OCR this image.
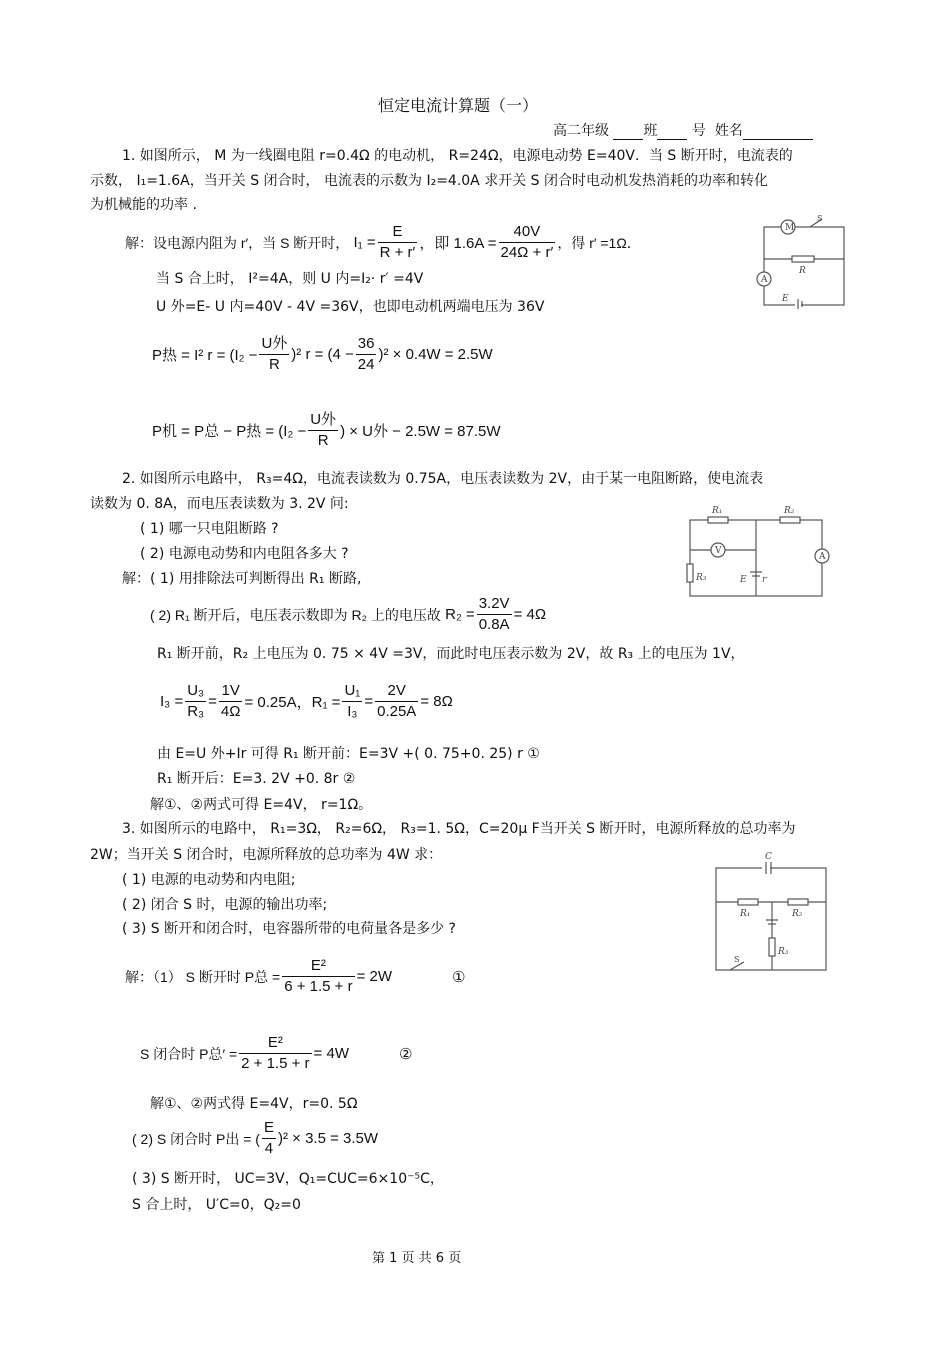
恒定电流计算题（一）
高二年级 班 号 姓名
1. 如图所示， M 为一线圈电阻 r=0.4Ω 的电动机， R=24Ω，电源电动势 E=40V．当 S 断开时，电流表的
示数， I₁=1.6A，当开关 S 闭合时， 电流表的示数为 I₂=4.0A 求开关 S 闭合时电动机发热消耗的功率和转化
为机械能的功率 .
解：设电源内阻为 r′，当 S 断开时，
$I_1 = \frac{E}{R + r'}$ ，即 $1.6A = \frac{40V}{24\Omega + r'}$ ，得 r′ =1Ω．
当 S 合上时， I²=4A，则 U 内=I₂· r′ =4V
U 外=E- U 内=40V - 4V =36V，也即电动机两端电压为 36V
P热 = I² $r = (I_2 - \frac{\text{U外}}{R} )^2$ $r = (4 - \frac{36}{24} )^2 \times 0.4W = 2.5W$
P机 = P总 − P热 = ($I_2 - \frac{\text{U外}}{R}$ ) × U外 − 2.5W = 87.5W
M
S
R
A
E
2. 如图所示电路中， R₃=4Ω，电流表读数为 0.75A，电压表读数为 2V，由于某一电阻断路，使电流表
读数为 0. 8A，而电压表读数为 3. 2V 问:
( 1) 哪一只电阻断路 ?
( 2) 电源电动势和内电阻各多大 ?
解：( 1) 用排除法可判断得出 R₁ 断路,
( 2) R₁ 断开后，电压表示数即为 R₂ 上的电压故
$R_2 = \frac{3.2V}{0.8A} = 4\Omega$
R₁ 断开前，R₂ 上电压为 0. 75 × 4V =3V，而此时电压表示数为 2V，故 R₃ 上的电压为 1V，
$I_3 = \frac{\text{U₃}}{\text{R₃}} = \frac{1V}{4\Omega} = 0.25A$，$R_1 = \frac{\text{U₁}}{\text{I₃}} = \frac{2V}{0.25A} = 8\Omega$
由 E=U 外+Ir 可得 R₁ 断开前：E=3V +( 0. 75+0. 25) r ①
R₁ 断开后：E=3. 2V +0. 8r ②
解①、②两式可得 E=4V， r=1Ω。
R₁	R₂
V
R₃	E r
A
3. 如图所示的电路中， R₁=3Ω， R₂=6Ω， R₃=1. 5Ω，C=20μ F当开关 S 断开时，电源所释放的总功率为
2W；当开关 S 闭合时，电源所释放的总功率为 4W 求：
( 1) 电源的电动势和内电阻;
( 2) 闭合 S 时，电源的输出功率;
( 3) S 断开和闭合时，电容器所带的电荷量各是多少 ?
解：（1） S 断开时 P总 = $\frac{\text{E²}}{6 + 1.5 + r} = 2W$	①
S 闭合时 P总′ = $\frac{\text{E²}}{2 + 1.5 + r} = 4W$	②
解①、②两式得 E=4V，r=0. 5Ω
( 2) S 闭合时 P出 = ( $\frac{E}{4} )^2 \times 3.5 = 3.5W$
( 3) S 断开时， UC=3V，Q₁=CUC=6×10⁻⁵C，
S 合上时， U′C=0，Q₂=0
C
R₁	R₂
R₃
S
第 1 页 共 6 页
